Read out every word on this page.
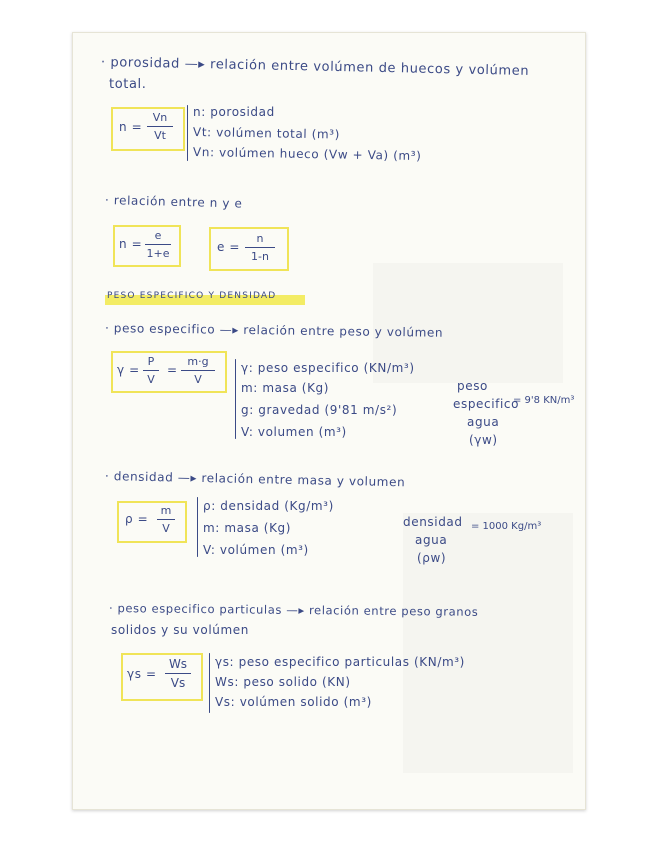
· porosidad —▸ relación entre volúmen de huecos y volúmen
total.
n =
Vn
Vt
n: porosidad
Vt: volúmen total (m³)
Vn: volúmen hueco (Vw + Va) (m³)
· relación entre n y e
n =
e
1+e	e =
n
1-n
PESO ESPECIFICO Y DENSIDAD
· peso especifico —▸ relación entre peso y volúmen
γ =
P
V
=
m·g
V
γ: peso especifico (KN/m³)
m: masa (Kg)
g: gravedad (9'81 m/s²)
V: volumen (m³)
peso
especifico
agua
(γw)
= 9'8 KN/m³
· densidad —▸ relación entre masa y volumen
ρ =
m
V
ρ: densidad (Kg/m³)
m: masa (Kg)
V: volúmen (m³)
densidad
agua
(ρw)
= 1000 Kg/m³
· peso especifico particulas —▸ relación entre peso granos
solidos y su volúmen
γs =
Ws
Vs
γs: peso especifico particulas (KN/m³)
Ws: peso solido (KN)
Vs: volúmen solido (m³)
